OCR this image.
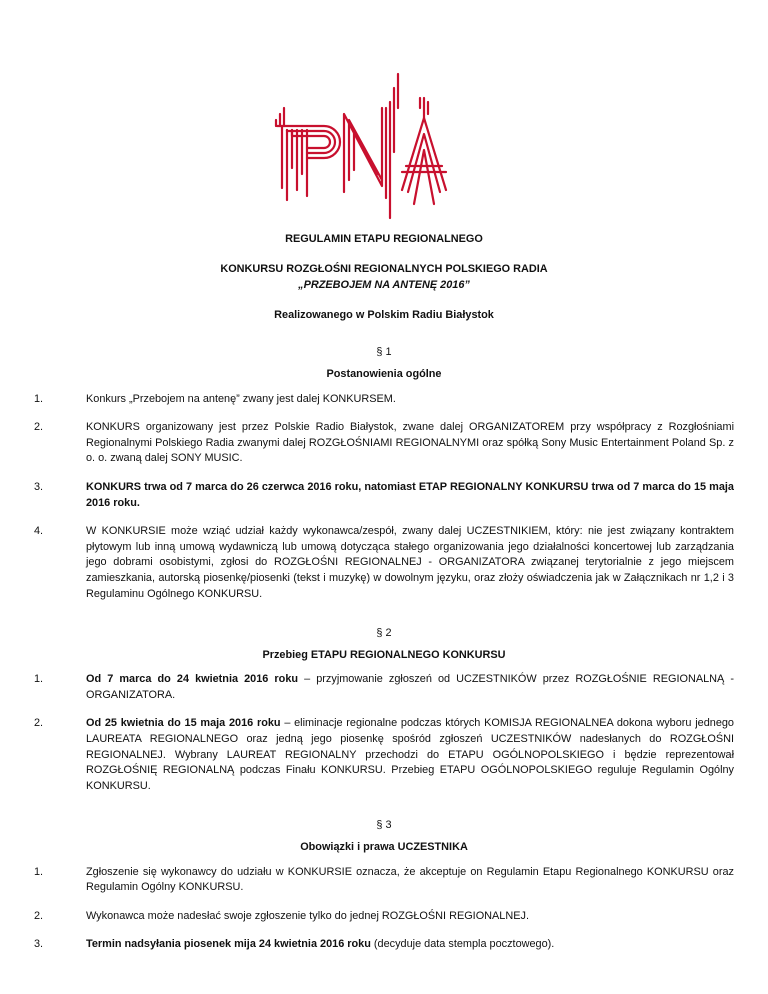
REGULAMIN ETAPU REGIONALNEGO
KONKURSU ROZGŁOŚNI REGIONALNYCH POLSKIEGO RADIA
„PRZEBOJEM NA ANTENĘ 2016”
Realizowanego w Polskim Radiu Białystok
§ 1
Postanowienia ogólne
1.	Konkurs „Przebojem na antenę” zwany jest dalej KONKURSEM.
2.	KONKURS organizowany jest przez Polskie Radio Białystok, zwane dalej ORGANIZATOREM przy współpracy z Rozgłośniami Regionalnymi Polskiego Radia zwanymi dalej ROZGŁOŚNIAMI REGIONALNYMI oraz spółką Sony Music Entertainment Poland Sp. z o. o. zwaną dalej SONY MUSIC.
3.	KONKURS trwa od 7 marca do 26 czerwca 2016 roku, natomiast ETAP REGIONALNY KONKURSU trwa od 7 marca do 15 maja 2016 roku.
4.	W KONKURSIE może wziąć udział każdy wykonawca/zespół, zwany dalej UCZESTNIKIEM, który: nie jest związany kontraktem płytowym lub inną umową wydawniczą lub umową dotycząca stałego organizowania jego działalności koncertowej lub zarządzania jego dobrami osobistymi, zgłosi do ROZGŁOŚNI REGIONALNEJ - ORGANIZATORA związanej terytorialnie z jego miejscem zamieszkania, autorską piosenkę/piosenki (tekst i muzykę) w dowolnym języku, oraz złoży oświadczenia jak w Załącznikach nr 1,2 i 3 Regulaminu Ogólnego KONKURSU.
§ 2
Przebieg ETAPU REGIONALNEGO KONKURSU
1.	Od 7 marca do 24 kwietnia 2016 roku – przyjmowanie zgłoszeń od UCZESTNIKÓW przez ROZGŁOŚNIE REGIONALNĄ - ORGANIZATORA.
2.	Od 25 kwietnia do 15 maja 2016 roku – eliminacje regionalne podczas których KOMISJA REGIONALNEA dokona wyboru jednego LAUREATA REGIONALNEGO oraz jedną jego piosenkę spośród zgłoszeń UCZESTNIKÓW nadesłanych do ROZGŁOŚNI REGIONALNEJ. Wybrany LAUREAT REGIONALNY przechodzi do ETAPU OGÓLNOPOLSKIEGO i będzie reprezentował ROZGŁOŚNIĘ REGIONALNĄ podczas Finału KONKURSU. Przebieg ETAPU OGÓLNOPOLSKIEGO reguluje Regulamin Ogólny KONKURSU.
§ 3
Obowiązki i prawa UCZESTNIKA
1.	Zgłoszenie się wykonawcy do udziału w KONKURSIE oznacza, że akceptuje on Regulamin Etapu Regionalnego KONKURSU oraz Regulamin Ogólny KONKURSU.
2.	Wykonawca może nadesłać swoje zgłoszenie tylko do jednej ROZGŁOŚNI REGIONALNEJ.
3.	Termin nadsyłania piosenek mija 24 kwietnia 2016 roku (decyduje data stempla pocztowego).
